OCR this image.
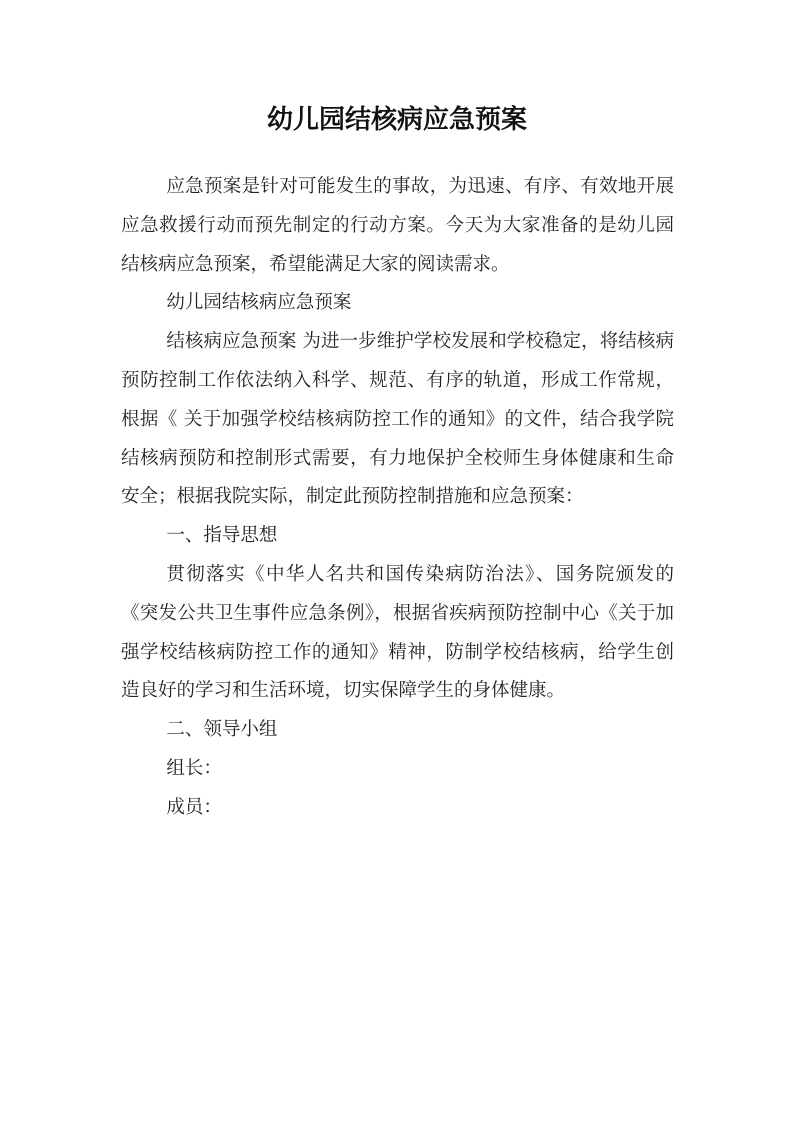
幼儿园结核病应急预案

应急预案是针对可能发生的事故，为迅速、有序、有效地开展应急救援行动而预先制定的行动方案。今天为大家准备的是幼儿园结核病应急预案，希望能满足大家的阅读需求。

幼儿园结核病应急预案

结核病应急预案 为进一步维护学校发展和学校稳定，将结核病预防控制工作依法纳入科学、规范、有序的轨道，形成工作常规，根据《 关于加强学校结核病防控工作的通知》的文件，结合我学院结核病预防和控制形式需要，有力地保护全校师生身体健康和生命安全；根据我院实际，制定此预防控制措施和应急预案：

一、指导思想

贯彻落实《中华人名共和国传染病防治法》、国务院颁发的《突发公共卫生事件应急条例》，根据省疾病预防控制中心《关于加强学校结核病防控工作的通知》精神，防制学校结核病，给学生创造良好的学习和生活环境，切实保障学生的身体健康。

二、领导小组

组长：

成员：
